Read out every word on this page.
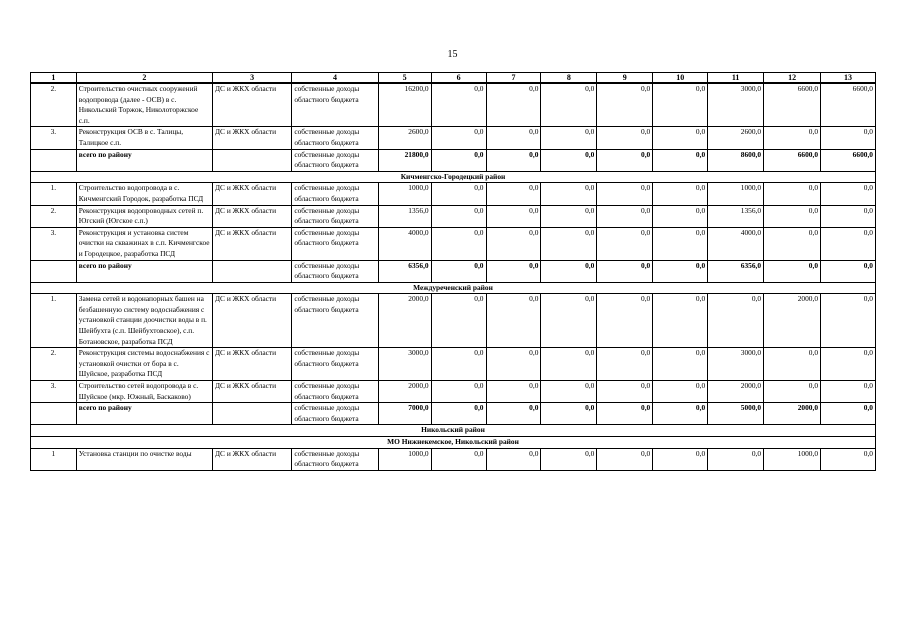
15
1	2	3	4	5	6	7	8	9	10	11	12	13
2.	Строительство очистных сооружений водопровода (далее - ОСВ) в с. Никольский Торжок, Николоторжское с.п.	ДС и ЖКХ области	собственные доходы областного бюджета	16200,0	0,0	0,0	0,0	0,0	0,0	3000,0	6600,0	6600,0
3.	Реконструкция ОСВ в с. Талицы, Талицкое с.п.	ДС и ЖКХ области	собственные доходы областного бюджета	2600,0	0,0	0,0	0,0	0,0	0,0	2600,0	0,0	0,0
	всего по району		собственные доходы областного бюджета	21800,0	0,0	0,0	0,0	0,0	0,0	8600,0	6600,0	6600,0
Кичменгско-Городецкий район												
1.	Строительство водопровода в с. Кичменгский Городок, разработка ПСД	ДС и ЖКХ области	собственные доходы областного бюджета	1000,0	0,0	0,0	0,0	0,0	0,0	1000,0	0,0	0,0
2.	Реконструкция водопроводных сетей п. Югский (Югское с.п.)	ДС и ЖКХ области	собственные доходы областного бюджета	1356,0	0,0	0,0	0,0	0,0	0,0	1356,0	0,0	0,0
3.	Реконструкция и установка систем очистки на скважинах в с.п. Кичменгское и Городецкое, разработка ПСД	ДС и ЖКХ области	собственные доходы областного бюджета	4000,0	0,0	0,0	0,0	0,0	0,0	4000,0	0,0	0,0
	всего по району		собственные доходы областного бюджета	6356,0	0,0	0,0	0,0	0,0	0,0	6356,0	0,0	0,0
Междуреченский район												
1.	Замена сетей и водонапорных башен на безбашенную систему водоснабжения с установкой станции доочистки воды в п. Шейбухта (с.п. Шейбухтовское), с.п. Ботановское, разработка ПСД	ДС и ЖКХ области	собственные доходы областного бюджета	2000,0	0,0	0,0	0,0	0,0	0,0	0,0	2000,0	0,0
2.	Реконструкция системы водоснабжения с установкой очистки от бора в с. Шуйское, разработка ПСД	ДС и ЖКХ области	собственные доходы областного бюджета	3000,0	0,0	0,0	0,0	0,0	0,0	3000,0	0,0	0,0
3.	Строительство сетей водопровода в с. Шуйское (мкр. Южный, Баскаково)	ДС и ЖКХ области	собственные доходы областного бюджета	2000,0	0,0	0,0	0,0	0,0	0,0	2000,0	0,0	0,0
	всего по району		собственные доходы областного бюджета	7000,0	0,0	0,0	0,0	0,0	0,0	5000,0	2000,0	0,0
Никольский район												
МО Нижнекемское, Никольский район												
1	Установка станции по очистке воды	ДС и ЖКХ области	собственные доходы областного бюджета	1000,0	0,0	0,0	0,0	0,0	0,0	0,0	1000,0	0,0
